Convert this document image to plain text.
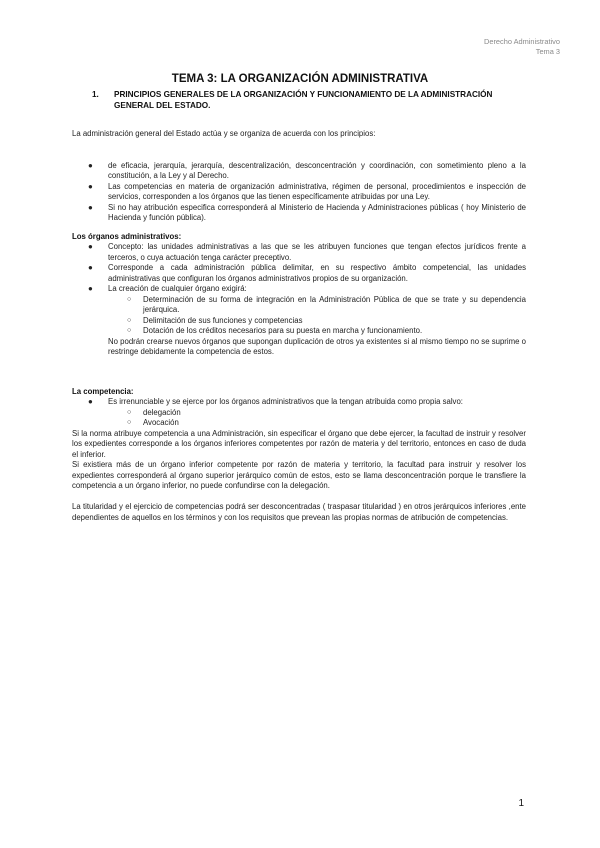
Derecho Administrativo
Tema 3
TEMA 3: LA ORGANIZACIÓN ADMINISTRATIVA
1. PRINCIPIOS GENERALES DE LA ORGANIZACIÓN Y FUNCIONAMIENTO DE LA ADMINISTRACIÓN GENERAL DEL ESTADO.

La administración general del Estado actúa y se organiza de acuerda con los principios:

● de eficacia, jerarquía, jerarquía, descentralización, desconcentración y coordinación, con sometimiento pleno a la constitución, a la Ley y al Derecho.
● Las competencias en materia de organización administrativa, régimen de personal, procedimientos e inspección de servicios, corresponden a los órganos que las tienen específicamente atribuidas por una Ley.
● Si no hay atribución especifica corresponderá al Ministerio de Hacienda y Administraciones públicas ( hoy Ministerio de Hacienda y función pública).

Los órganos administrativos:

● Concepto: las unidades administrativas a las que se les atribuyen funciones que tengan efectos jurídicos frente a terceros, o cuya actuación tenga carácter preceptivo.
● Corresponde a cada administración pública delimitar, en su respectivo ámbito competencial, las unidades administrativas que configuran los órganos administrativos propios de su organización.
● La creación de cualquier órgano exigirá:
○ Determinación de su forma de integración en la Administración Pública de que se trate y su dependencia jerárquica.
○ Delimitación de sus funciones y competencias
○ Dotación de los créditos necesarios para su puesta en marcha y funcionamiento.

No podrán crearse nuevos órganos que supongan duplicación de otros ya existentes si al mismo tiempo no se suprime o restringe debidamente la competencia de estos.

La competencia:

● Es irrenunciable y se ejerce por los órganos administrativos que la tengan atribuida como propia salvo:
○ delegación
○ Avocación

Si la norma atribuye competencia a una Administración, sin especificar el órgano que debe ejercer, la facultad de instruir y resolver los expedientes corresponde a los órganos inferiores competentes por razón de materia y del territorio, entonces en caso de duda el inferior.

Si existiera más de un órgano inferior competente por razón de materia y territorio, la facultad para instruir y resolver los expedientes corresponderá al órgano superior jerárquico común de estos, esto se llama desconcentración porque le transfiere la competencia a un órgano inferior, no puede confundirse con la delegación.

La titularidad y el ejercicio de competencias podrá ser desconcentradas ( traspasar titularidad ) en otros jerárquicos inferiores ,ente dependientes de aquellos en los términos y con los requisitos que prevean las propias normas de atribución de competencias.

1
